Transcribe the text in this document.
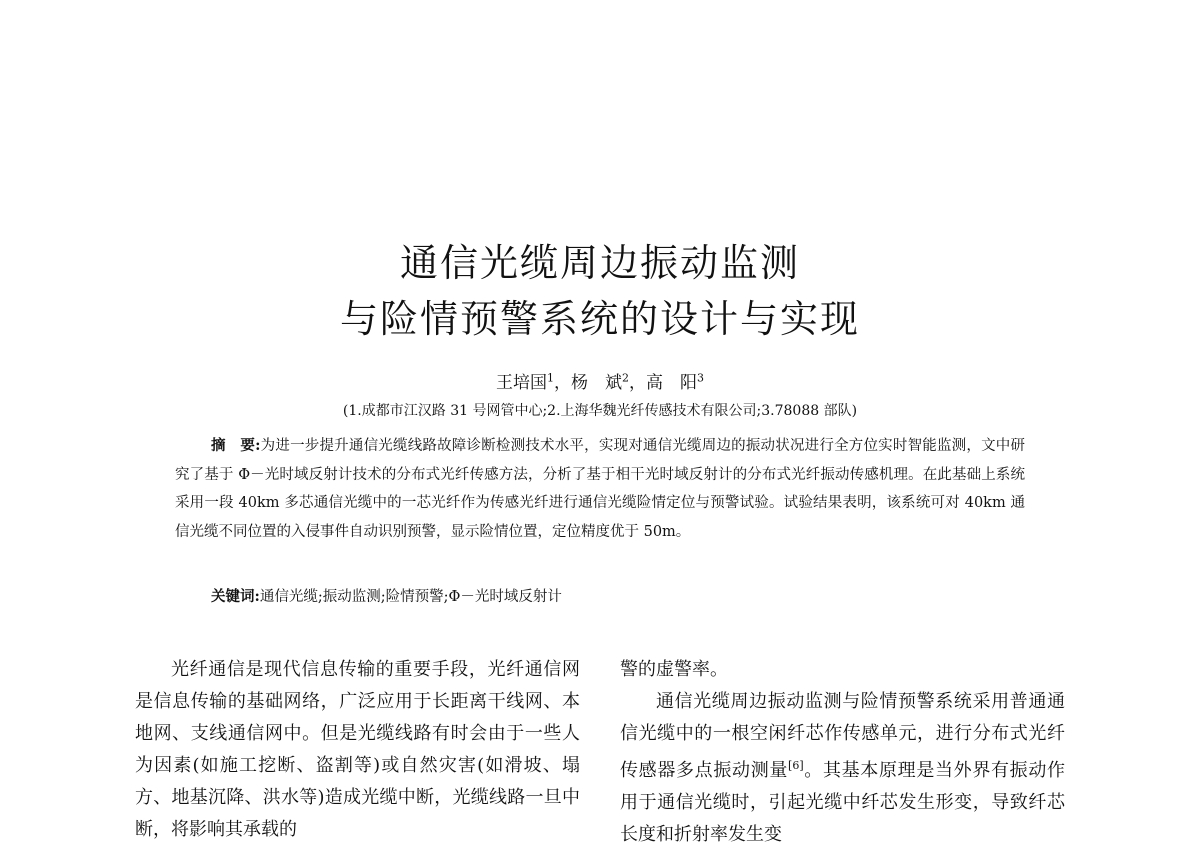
通信光缆周边振动监测
与险情预警系统的设计与实现
王培国$^1$，杨　斌$^2$，高　阳$^3$
(1.成都市江汉路 31 号网管中心;2.上海华魏光纤传感技术有限公司;3.78088 部队)
摘　要:为进一步提升通信光缆线路故障诊断检测技术水平，实现对通信光缆周边的振动状况进行全方位实时智能监测，文中研究了基于 Φ－光时域反射计技术的分布式光纤传感方法，分析了基于相干光时域反射计的分布式光纤振动传感机理。在此基础上系统采用一段 40km 多芯通信光缆中的一芯光纤作为传感光纤进行通信光缆险情定位与预警试验。试验结果表明，该系统可对 40km 通信光缆不同位置的入侵事件自动识别预警，显示险情位置，定位精度优于 50m。
关键词:通信光缆;振动监测;险情预警;Φ－光时域反射计

光纤通信是现代信息传输的重要手段，光纤通信网是信息传输的基础网络，广泛应用于长距离干线网、本地网、支线通信网中。但是光缆线路有时会由于一些人为因素(如施工挖断、盗割等)或自然灾害(如滑坡、塌方、地基沉降、洪水等)造成光缆中断，光缆线路一旦中断，将影响其承载的

警的虚警率。

通信光缆周边振动监测与险情预警系统采用普通通信光缆中的一根空闲纤芯作传感单元，进行分布式光纤传感器多点振动测量[6]。其基本原理是当外界有振动作用于通信光缆时，引起光缆中纤芯发生形变，导致纤芯长度和折射率发生变
